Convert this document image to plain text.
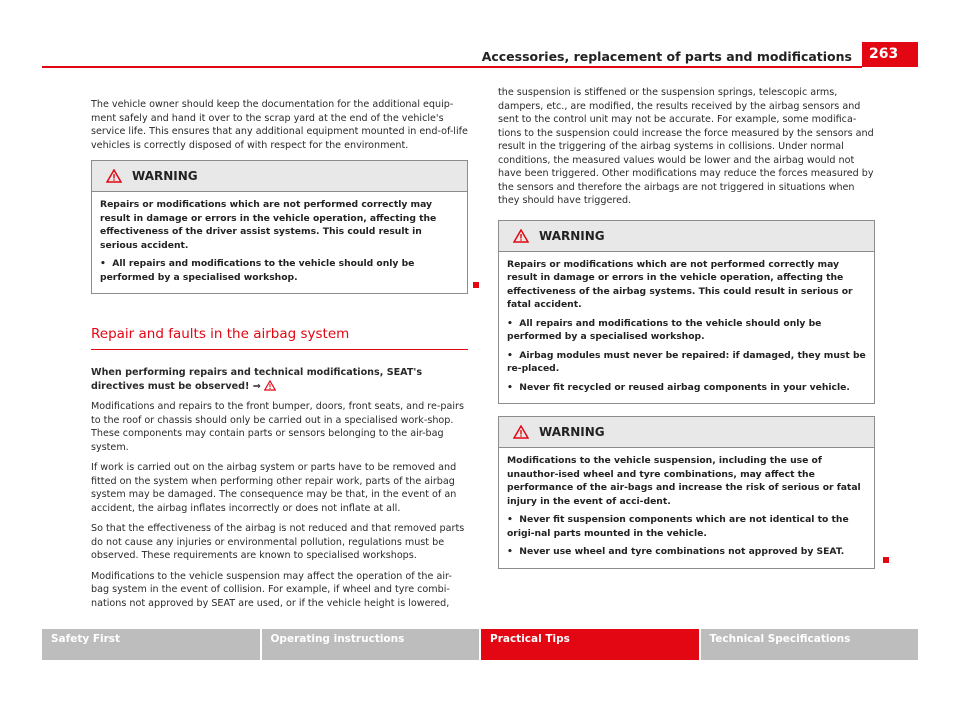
Accessories, replacement of parts and modifications	263

The vehicle owner should keep the documentation for the additional equip-ment safely and hand it over to the scrap yard at the end of the vehicle's service life. This ensures that any additional equipment mounted in end-of-life vehicles is correctly disposed of with respect for the environment.

WARNING

Repairs or modifications which are not performed correctly may result in damage or errors in the vehicle operation, affecting the effectiveness of the driver assist systems. This could result in serious accident.

•  All repairs and modifications to the vehicle should only be performed by a specialised workshop.

Repair and faults in the airbag system

When performing repairs and technical modifications, SEAT's directives must be observed! ⇒

Modifications and repairs to the front bumper, doors, front seats, and re-pairs to the roof or chassis should only be carried out in a specialised work-shop. These components may contain parts or sensors belonging to the air-bag system.

If work is carried out on the airbag system or parts have to be removed and fitted on the system when performing other repair work, parts of the airbag system may be damaged. The consequence may be that, in the event of an accident, the airbag inflates incorrectly or does not inflate at all.

So that the effectiveness of the airbag is not reduced and that removed parts do not cause any injuries or environmental pollution, regulations must be observed. These requirements are known to specialised workshops.

Modifications to the vehicle suspension may affect the operation of the air-bag system in the event of collision. For example, if wheel and tyre combi-nations not approved by SEAT are used, or if the vehicle height is lowered,

the suspension is stiffened or the suspension springs, telescopic arms, dampers, etc., are modified, the results received by the airbag sensors and sent to the control unit may not be accurate. For example, some modifica-tions to the suspension could increase the force measured by the sensors and result in the triggering of the airbag systems in collisions. Under normal conditions, the measured values would be lower and the airbag would not have been triggered. Other modifications may reduce the forces measured by the sensors and therefore the airbags are not triggered in situations when they should have triggered.

WARNING

Repairs or modifications which are not performed correctly may result in damage or errors in the vehicle operation, affecting the effectiveness of the airbag systems. This could result in serious or fatal accident.

•  All repairs and modifications to the vehicle should only be performed by a specialised workshop.

•  Airbag modules must never be repaired: if damaged, they must be re-placed.

•  Never fit recycled or reused airbag components in your vehicle.

WARNING

Modifications to the vehicle suspension, including the use of unauthor-ised wheel and tyre combinations, may affect the performance of the air-bags and increase the risk of serious or fatal injury in the event of acci-dent.

•  Never fit suspension components which are not identical to the origi-nal parts mounted in the vehicle.

•  Never use wheel and tyre combinations not approved by SEAT.

Safety First	Operating instructions	Practical Tips	Technical Specifications
